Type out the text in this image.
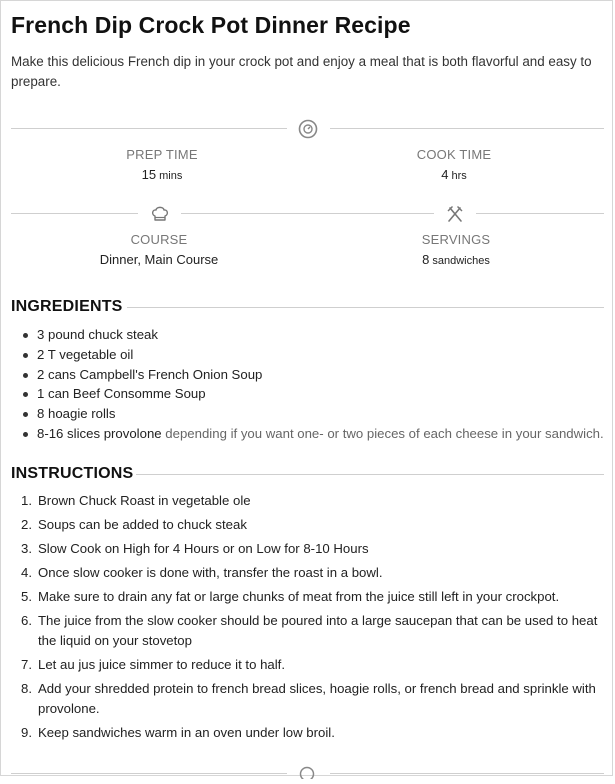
French Dip Crock Pot Dinner Recipe
Make this delicious French dip in your crock pot and enjoy a meal that is both flavorful and easy to prepare.
PREP TIME
15 mins
COOK TIME
4 hrs
COURSE
Dinner, Main Course
SERVINGS
8 sandwiches
INGREDIENTS
3 pound chuck steak
2 T vegetable oil
2 cans Campbell's French Onion Soup
1 can Beef Consomme Soup
8 hoagie rolls
8-16 slices provolone depending if you want one- or two pieces of each cheese in your sandwich.
INSTRUCTIONS
1. Brown Chuck Roast in vegetable ole
2. Soups can be added to chuck steak
3. Slow Cook on High for 4 Hours or on Low for 8-10 Hours
4. Once slow cooker is done with, transfer the roast in a bowl.
5. Make sure to drain any fat or large chunks of meat from the juice still left in your crockpot.
6. The juice from the slow cooker should be poured into a large saucepan that can be used to heat the liquid on your stovetop
7. Let au jus juice simmer to reduce it to half.
8. Add your shredded protein to french bread slices, hoagie rolls, or french bread and sprinkle with provolone.
9. Keep sandwiches warm in an oven under low broil.
